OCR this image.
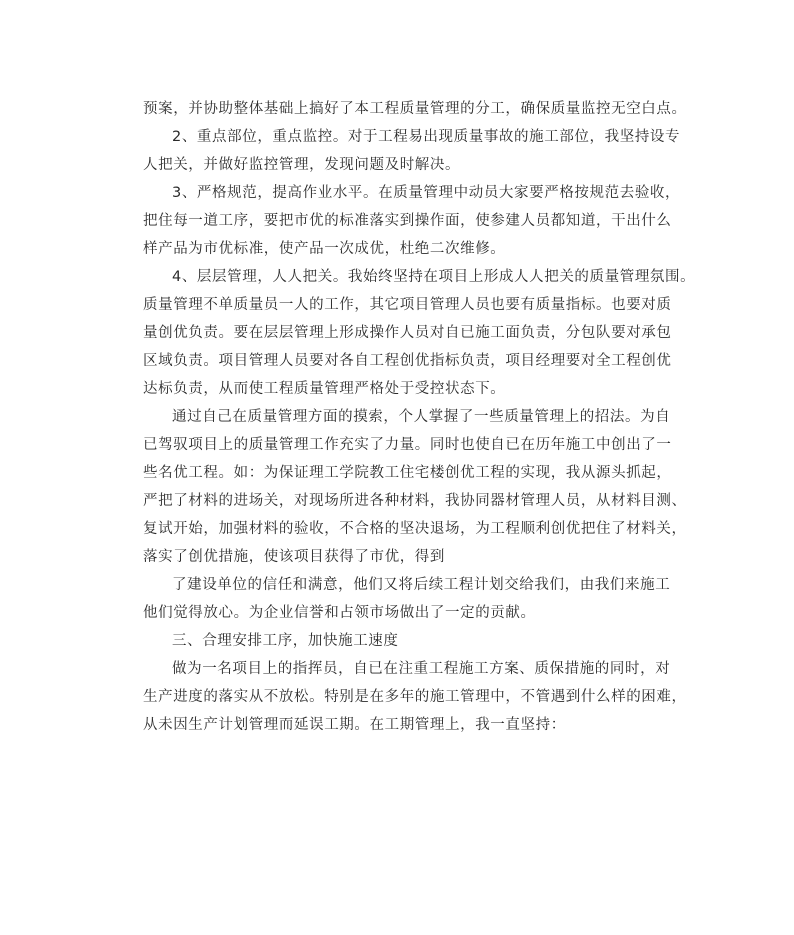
预案，并协助整体基础上搞好了本工程质量管理的分工，确保质量监控无空白点。
2、重点部位，重点监控。对于工程易出现质量事故的施工部位，我坚持设专
人把关，并做好监控管理，发现问题及时解决。
3、严格规范，提高作业水平。在质量管理中动员大家要严格按规范去验收，
把住每一道工序，要把市优的标准落实到操作面，使参建人员都知道，干出什么
样产品为市优标准，使产品一次成优，杜绝二次维修。
4、层层管理，人人把关。我始终坚持在项目上形成人人把关的质量管理氛围。
质量管理不单质量员一人的工作，其它项目管理人员也要有质量指标。也要对质
量创优负责。要在层层管理上形成操作人员对自已施工面负责，分包队要对承包
区域负责。项目管理人员要对各自工程创优指标负责，项目经理要对全工程创优
达标负责，从而使工程质量管理严格处于受控状态下。
通过自己在质量管理方面的摸索，个人掌握了一些质量管理上的招法。为自
已驾驭项目上的质量管理工作充实了力量。同时也使自已在历年施工中创出了一
些名优工程。如：为保证理工学院教工住宅楼创优工程的实现，我从源头抓起，
严把了材料的进场关，对现场所进各种材料，我协同器材管理人员，从材料目测、
复试开始，加强材料的验收，不合格的坚决退场，为工程顺利创优把住了材料关，
落实了创优措施，使该项目获得了市优，得到
了建设单位的信任和满意，他们又将后续工程计划交给我们，由我们来施工
他们觉得放心。为企业信誉和占领市场做出了一定的贡献。
三、合理安排工序，加快施工速度
做为一名项目上的指挥员，自已在注重工程施工方案、质保措施的同时，对
生产进度的落实从不放松。特别是在多年的施工管理中，不管遇到什么样的困难，
从未因生产计划管理而延误工期。在工期管理上，我一直坚持：
